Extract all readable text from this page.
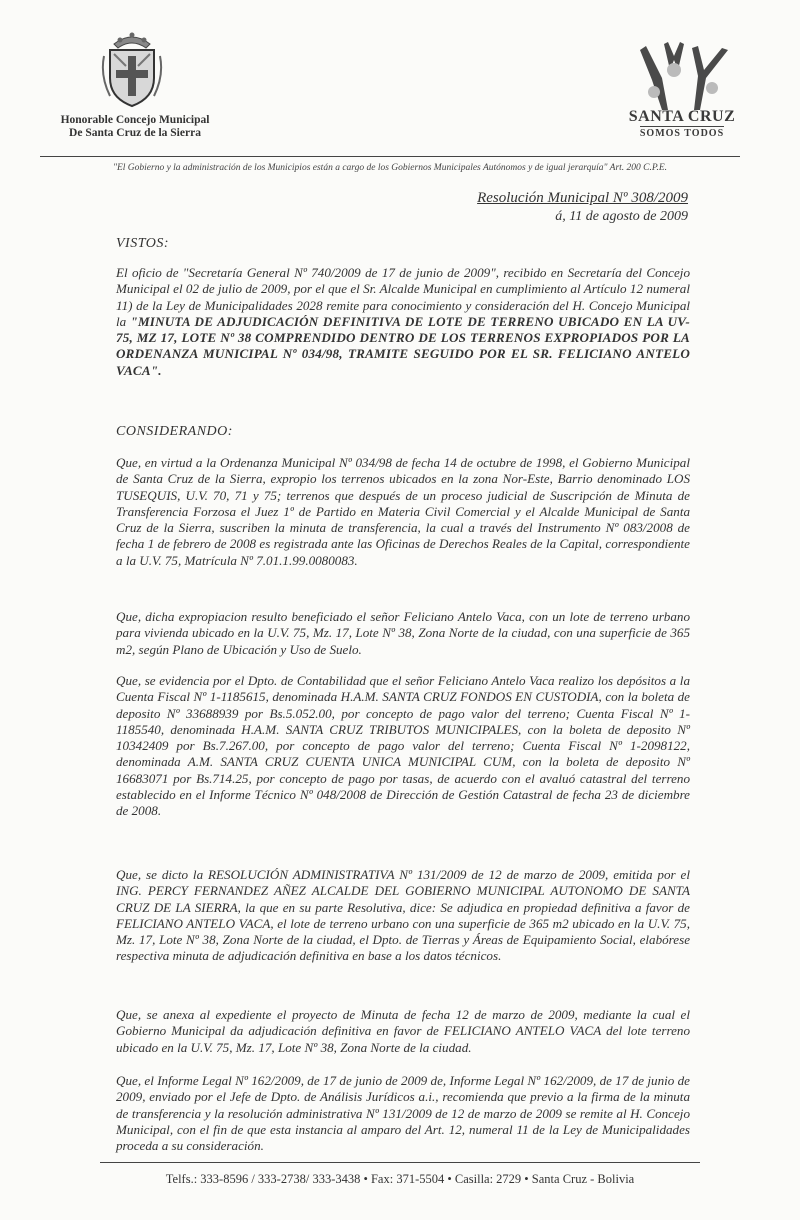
Honorable Concejo Municipal
De Santa Cruz de la Sierra
SANTA CRUZ
SOMOS TODOS
"El Gobierno y la administración de los Municipios están a cargo de los Gobiernos Municipales Autónomos y de igual jerarquía" Art. 200 C.P.E.
Resolución Municipal Nº 308/2009
á, 11 de agosto de 2009
VISTOS:
El oficio de "Secretaría General Nº 740/2009 de 17 de junio de 2009", recibido en Secretaría del Concejo Municipal el 02 de julio de 2009, por el que el Sr. Alcalde Municipal en cumplimiento al Artículo 12 numeral 11) de la Ley de Municipalidades 2028 remite para conocimiento y consideración del H. Concejo Municipal la "MINUTA DE ADJUDICACIÓN DEFINITIVA DE LOTE DE TERRENO UBICADO EN LA UV-75, MZ 17, LOTE Nº 38 COMPRENDIDO DENTRO DE LOS TERRENOS EXPROPIADOS POR LA ORDENANZA MUNICIPAL Nº 034/98, TRAMITE SEGUIDO POR EL SR. FELICIANO ANTELO VACA".
CONSIDERANDO:
Que, en virtud a la Ordenanza Municipal Nº 034/98 de fecha 14 de octubre de 1998, el Gobierno Municipal de Santa Cruz de la Sierra, expropio los terrenos ubicados en la zona Nor-Este, Barrio denominado LOS TUSEQUIS, U.V. 70, 71 y 75; terrenos que después de un proceso judicial de Suscripción de Minuta de Transferencia Forzosa el Juez 1º de Partido en Materia Civil Comercial y el Alcalde Municipal de Santa Cruz de la Sierra, suscriben la minuta de transferencia, la cual a través del Instrumento Nº 083/2008 de fecha 1 de febrero de 2008 es registrada ante las Oficinas de Derechos Reales de la Capital, correspondiente a la U.V. 75, Matrícula Nº 7.01.1.99.0080083.
Que, dicha expropiacion resulto beneficiado el señor Feliciano Antelo Vaca, con un lote de terreno urbano para vivienda ubicado en la U.V. 75, Mz. 17, Lote Nº 38, Zona Norte de la ciudad, con una superficie de 365 m2, según Plano de Ubicación y Uso de Suelo.
Que, se evidencia por el Dpto. de Contabilidad que el señor Feliciano Antelo Vaca realizo los depósitos a la Cuenta Fiscal Nº 1-1185615, denominada H.A.M. SANTA CRUZ FONDOS EN CUSTODIA, con la boleta de deposito Nº 33688939 por Bs.5.052.00, por concepto de pago valor del terreno; Cuenta Fiscal Nº 1-1185540, denominada H.A.M. SANTA CRUZ TRIBUTOS MUNICIPALES, con la boleta de deposito Nº 10342409 por Bs.7.267.00, por concepto de pago valor del terreno; Cuenta Fiscal Nº 1-2098122, denominada A.M. SANTA CRUZ CUENTA UNICA MUNICIPAL CUM, con la boleta de deposito Nº 16683071 por Bs.714.25, por concepto de pago por tasas, de acuerdo con el avaluó catastral del terreno establecido en el Informe Técnico Nº 048/2008 de Dirección de Gestión Catastral de fecha 23 de diciembre de 2008.
Que, se dicto la RESOLUCIÓN ADMINISTRATIVA Nº 131/2009 de 12 de marzo de 2009, emitida por el ING. PERCY FERNANDEZ AÑEZ ALCALDE DEL GOBIERNO MUNICIPAL AUTONOMO DE SANTA CRUZ DE LA SIERRA, la que en su parte Resolutiva, dice: Se adjudica en propiedad definitiva a favor de FELICIANO ANTELO VACA, el lote de terreno urbano con una superficie de 365 m2 ubicado en la U.V. 75, Mz. 17, Lote Nº 38, Zona Norte de la ciudad, el Dpto. de Tierras y Áreas de Equipamiento Social, elabórese respectiva minuta de adjudicación definitiva en base a los datos técnicos.
Que, se anexa al expediente el proyecto de Minuta de fecha 12 de marzo de 2009, mediante la cual el Gobierno Municipal da adjudicación definitiva en favor de FELICIANO ANTELO VACA del lote terreno ubicado en la U.V. 75, Mz. 17, Lote Nº 38, Zona Norte de la ciudad.
Que, el Informe Legal Nº 162/2009, de 17 de junio de 2009 de, Informe Legal Nº 162/2009, de 17 de junio de 2009, enviado por el Jefe de Dpto. de Análisis Jurídicos a.i., recomienda que previo a la firma de la minuta de transferencia y la resolución administrativa Nº 131/2009 de 12 de marzo de 2009 se remite al H. Concejo Municipal, con el fin de que esta instancia al amparo del Art. 12, numeral 11 de la Ley de Municipalidades proceda a su consideración.
Telfs.: 333-8596 / 333-2738/ 333-3438 • Fax: 371-5504 • Casilla: 2729 • Santa Cruz - Bolivia
